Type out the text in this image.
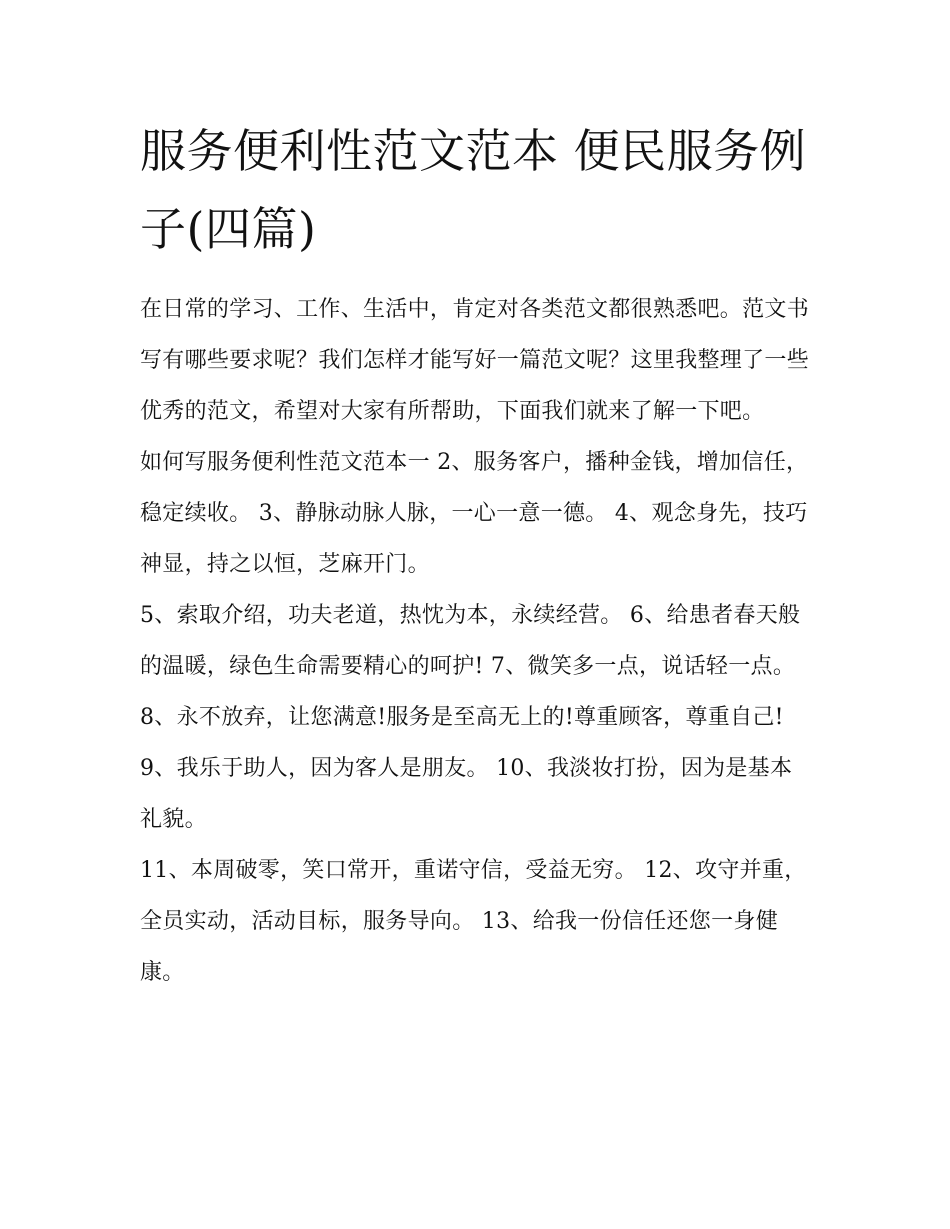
服务便利性范文范本 便民服务例子(四篇)

在日常的学习、工作、生活中，肯定对各类范文都很熟悉吧。范文书写有哪些要求呢？我们怎样才能写好一篇范文呢？这里我整理了一些优秀的范文，希望对大家有所帮助，下面我们就来了解一下吧。

如何写服务便利性范文范本一 2、服务客户，播种金钱，增加信任，稳定续收。 3、静脉动脉人脉，一心一意一德。 4、观念身先，技巧神显，持之以恒，芝麻开门。

5、索取介绍，功夫老道，热忱为本，永续经营。 6、给患者春天般的温暖，绿色生命需要精心的呵护! 7、微笑多一点，说话轻一点。

8、永不放弃，让您满意!服务是至高无上的!尊重顾客，尊重自己! 9、我乐于助人，因为客人是朋友。 10、我淡妆打扮，因为是基本礼貌。

11、本周破零，笑口常开，重诺守信，受益无穷。 12、攻守并重，全员实动，活动目标，服务导向。 13、给我一份信任还您一身健康。
